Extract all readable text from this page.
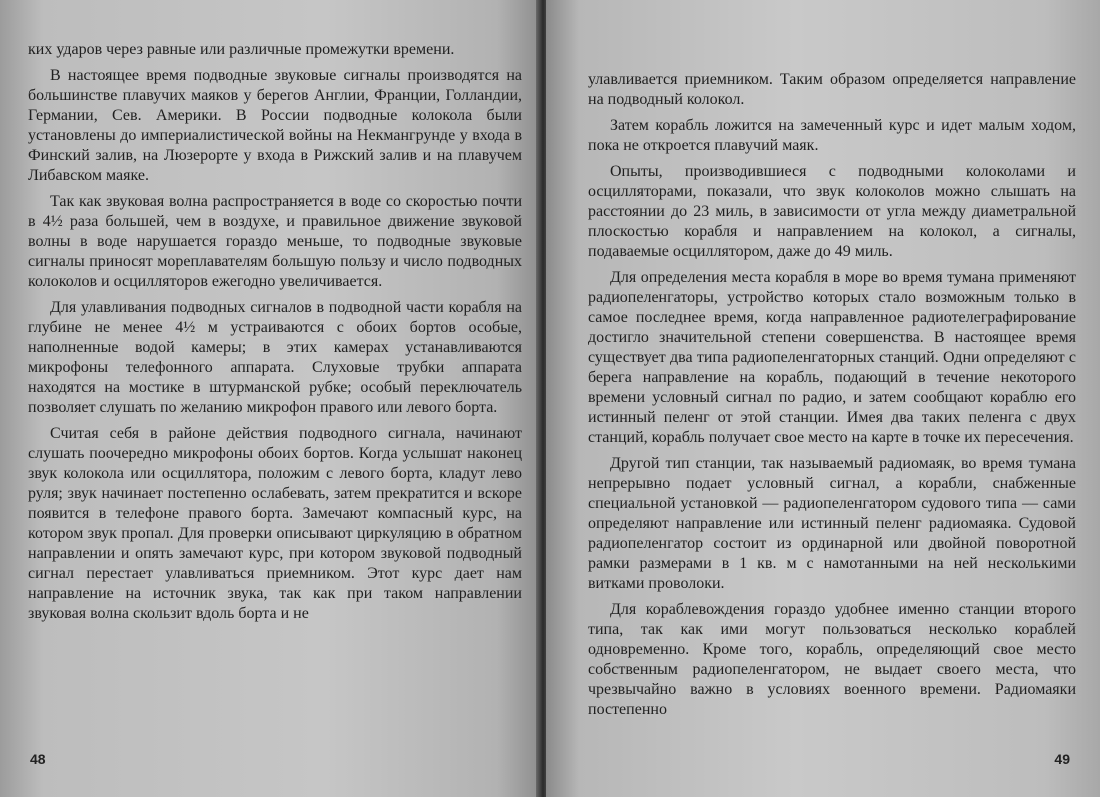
ких ударов через равные или различные промежутки времени.

В настоящее время подводные звуковые сигналы производятся на большинстве плавучих маяков у берегов Англии, Франции, Голландии, Германии, Сев. Америки. В России подводные колокола были установлены до империалистической войны на Некмангрунде у входа в Финский залив, на Люзерорте у входа в Рижский залив и на плавучем Либавском маяке.

Так как звуковая волна распространяется в воде со скоростью почти в 4½ раза большей, чем в воздухе, и правильное движение звуковой волны в воде нарушается гораздо меньше, то подводные звуковые сигналы приносят мореплавателям большую пользу и число подводных колоколов и осцилляторов ежегодно увеличивается.

Для улавливания подводных сигналов в подводной части корабля на глубине не менее 4½ м устраиваются с обоих бортов особые, наполненные водой камеры; в этих камерах устанавливаются микрофоны телефонного аппарата. Слуховые трубки аппарата находятся на мостике в штурманской рубке; особый переключатель позволяет слушать по желанию микрофон правого или левого борта.

Считая себя в районе действия подводного сигнала, начинают слушать поочередно микрофоны обоих бортов. Когда услышат наконец звук колокола или осциллятора, положим с левого борта, кладут лево руля; звук начинает постепенно ослабевать, затем прекратится и вскоре появится в телефоне правого борта. Замечают компасный курс, на котором звук пропал. Для проверки описывают циркуляцию в обратном направлении и опять замечают курс, при котором звуковой подводный сигнал перестает улавливаться приемником. Этот курс дает нам направление на источник звука, так как при таком направлении звуковая волна скользит вдоль борта и не

48

улавливается приемником. Таким образом определяется направление на подводный колокол.

Затем корабль ложится на замеченный курс и идет малым ходом, пока не откроется плавучий маяк.

Опыты, производившиеся с подводными колоколами и осцилляторами, показали, что звук колоколов можно слышать на расстоянии до 23 миль, в зависимости от угла между диаметральной плоскостью корабля и направлением на колокол, а сигналы, подаваемые осциллятором, даже до 49 миль.

Для определения места корабля в море во время тумана применяют радиопеленгаторы, устройство которых стало возможным только в самое последнее время, когда направленное радиотелеграфирование достигло значительной степени совершенства. В настоящее время существует два типа радиопеленгаторных станций. Одни определяют с берега направление на корабль, подающий в течение некоторого времени условный сигнал по радио, и затем сообщают кораблю его истинный пеленг от этой станции. Имея два таких пеленга с двух станций, корабль получает свое место на карте в точке их пересечения.

Другой тип станции, так называемый радиомаяк, во время тумана непрерывно подает условный сигнал, а корабли, снабженные специальной установкой — радиопеленгатором судового типа — сами определяют направление или истинный пеленг радиомаяка. Судовой радиопеленгатор состоит из ординарной или двойной поворотной рамки размерами в 1 кв. м с намотанными на ней несколькими витками проволоки.

Для кораблевождения гораздо удобнее именно станции второго типа, так как ими могут пользоваться несколько кораблей одновременно. Кроме того, корабль, определяющий свое место собственным радиопеленгатором, не выдает своего места, что чрезвычайно важно в условиях военного времени. Радиомаяки постепенно

49
